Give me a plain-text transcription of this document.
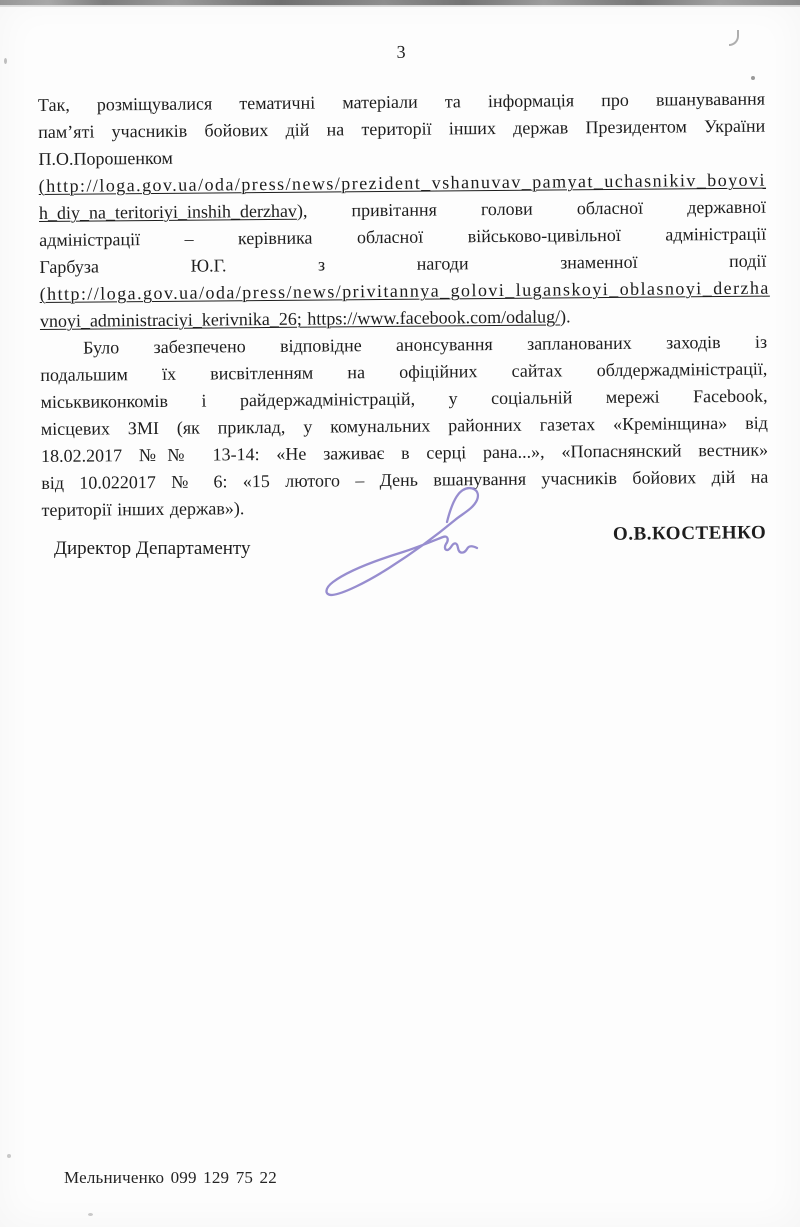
3
Так, розміщувалися тематичні матеріали та інформація про вшанувавання
пам’яті учасників бойових дій на території інших держав Президентом України
П.О.Порошенком
(http://loga.gov.ua/oda/press/news/prezident_vshanuvav_pamyat_uchasnikiv_boyovi
h_diy_na_teritoriyi_inshih_derzhav), привітання голови обласної державної
адміністрації – керівника обласної військово-цивільної адміністрації
Гарбуза Ю.Г. з нагоди знаменної події
(http://loga.gov.ua/oda/press/news/privitannya_golovi_luganskoyi_oblasnoyi_derzha
vnoyi_administraciyi_kerivnika_26; https://www.facebook.com/odalug/).
Було забезпечено відповідне анонсування запланованих заходів із
подальшим їх висвітленням на офіційних сайтах облдержадміністрації,
міськвиконкомів і райдержадміністрацій, у соціальній мережі Facebook,
місцевих ЗМІ (як приклад, у комунальних районних газетах «Кремінщина» від
18.02.2017 №№ 13-14: «Не заживає в серці рана...», «Попаснянский вестник»
від 10.022017 № 6: «15 лютого – День вшанування учасників бойових дій на
території інших держав»).
Директор Департаменту
О.В.КОСТЕНКО
Мельниченко 099 129 75 22
